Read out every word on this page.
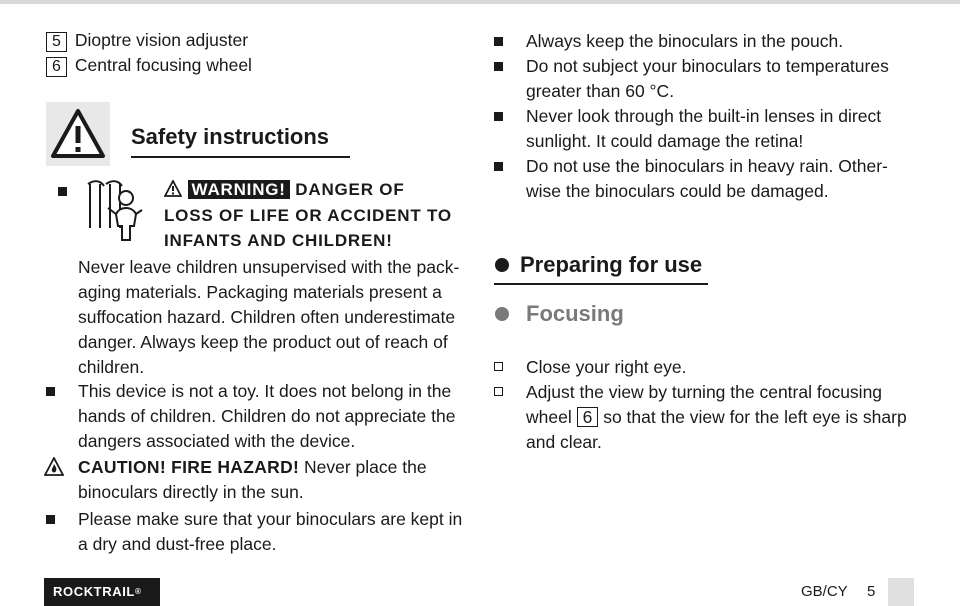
5 Dioptre vision adjuster
6 Central focusing wheel
Safety instructions
WARNING! DANGER OF
LOSS OF LIFE OR ACCIDENT TO
INFANTS AND CHILDREN!
Never leave children unsupervised with the pack-
aging materials. Packaging materials present a
suffocation hazard. Children often underestimate
danger. Always keep the product out of reach of
children.
This device is not a toy. It does not belong in the
hands of children. Children do not appreciate the
dangers associated with the device.
CAUTION! FIRE HAZARD! Never place the
binoculars directly in the sun.
Please make sure that your binoculars are kept in
a dry and dust-free place.
Always keep the binoculars in the pouch.
Do not subject your binoculars to temperatures
greater than 60 °C.
Never look through the built-in lenses in direct
sunlight. It could damage the retina!
Do not use the binoculars in heavy rain. Other-
wise the binoculars could be damaged.
Preparing for use
Focusing
Close your right eye.
Adjust the view by turning the central focusing
wheel 6 so that the view for the left eye is sharp
and clear.
ROCKTRAIL®	GB/CY 5
